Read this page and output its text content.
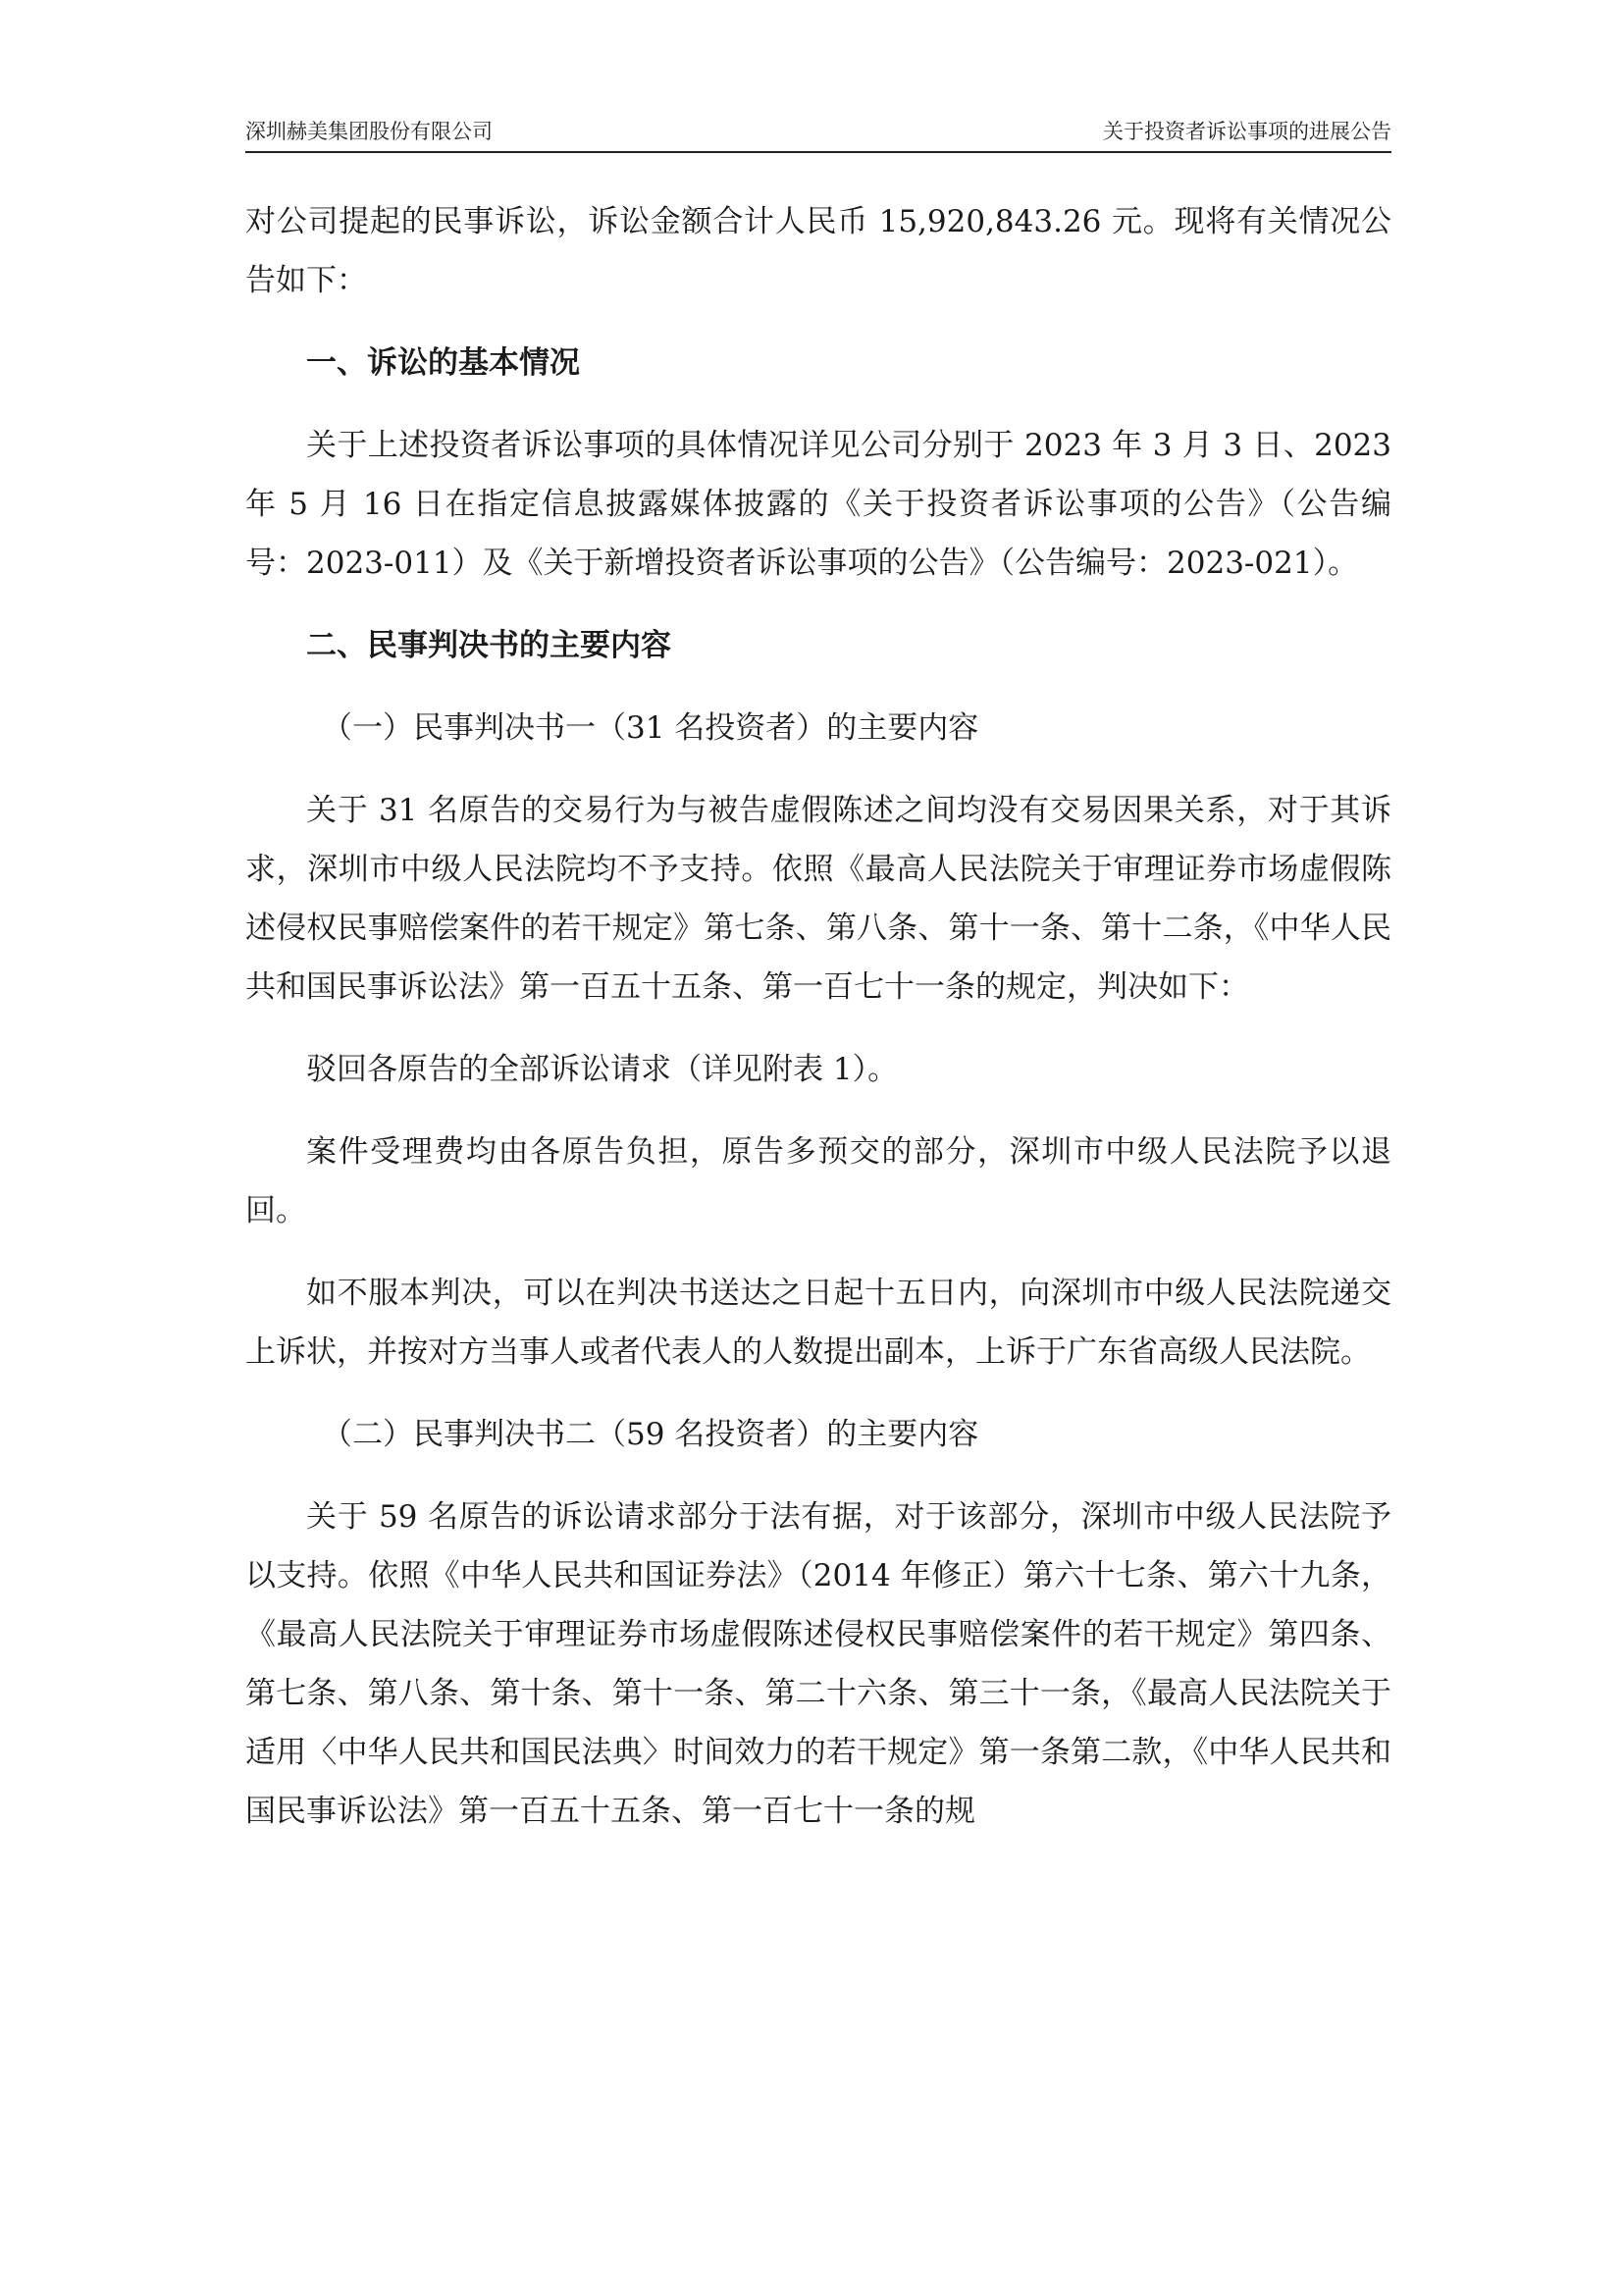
深圳赫美集团股份有限公司	关于投资者诉讼事项的进展公告

对公司提起的民事诉讼，诉讼金额合计人民币 15,920,843.26 元。现将有关情况公告如下：

一、诉讼的基本情况

关于上述投资者诉讼事项的具体情况详见公司分别于 2023 年 3 月 3 日、2023 年 5 月 16 日在指定信息披露媒体披露的《关于投资者诉讼事项的公告》（公告编号：2023-011）及《关于新增投资者诉讼事项的公告》（公告编号：2023-021）。

二、民事判决书的主要内容

（一）民事判决书一（31 名投资者）的主要内容

关于 31 名原告的交易行为与被告虚假陈述之间均没有交易因果关系，对于其诉求，深圳市中级人民法院均不予支持。依照《最高人民法院关于审理证券市场虚假陈述侵权民事赔偿案件的若干规定》第七条、第八条、第十一条、第十二条，《中华人民共和国民事诉讼法》第一百五十五条、第一百七十一条的规定，判决如下：

驳回各原告的全部诉讼请求（详见附表 1）。

案件受理费均由各原告负担，原告多预交的部分，深圳市中级人民法院予以退回。

如不服本判决，可以在判决书送达之日起十五日内，向深圳市中级人民法院递交上诉状，并按对方当事人或者代表人的人数提出副本，上诉于广东省高级人民法院。

（二）民事判决书二（59 名投资者）的主要内容

关于 59 名原告的诉讼请求部分于法有据，对于该部分，深圳市中级人民法院予以支持。依照《中华人民共和国证券法》（2014 年修正）第六十七条、第六十九条，《最高人民法院关于审理证券市场虚假陈述侵权民事赔偿案件的若干规定》第四条、第七条、第八条、第十条、第十一条、第二十六条、第三十一条，《最高人民法院关于适用〈中华人民共和国民法典〉时间效力的若干规定》第一条第二款，《中华人民共和国民事诉讼法》第一百五十五条、第一百七十一条的规
